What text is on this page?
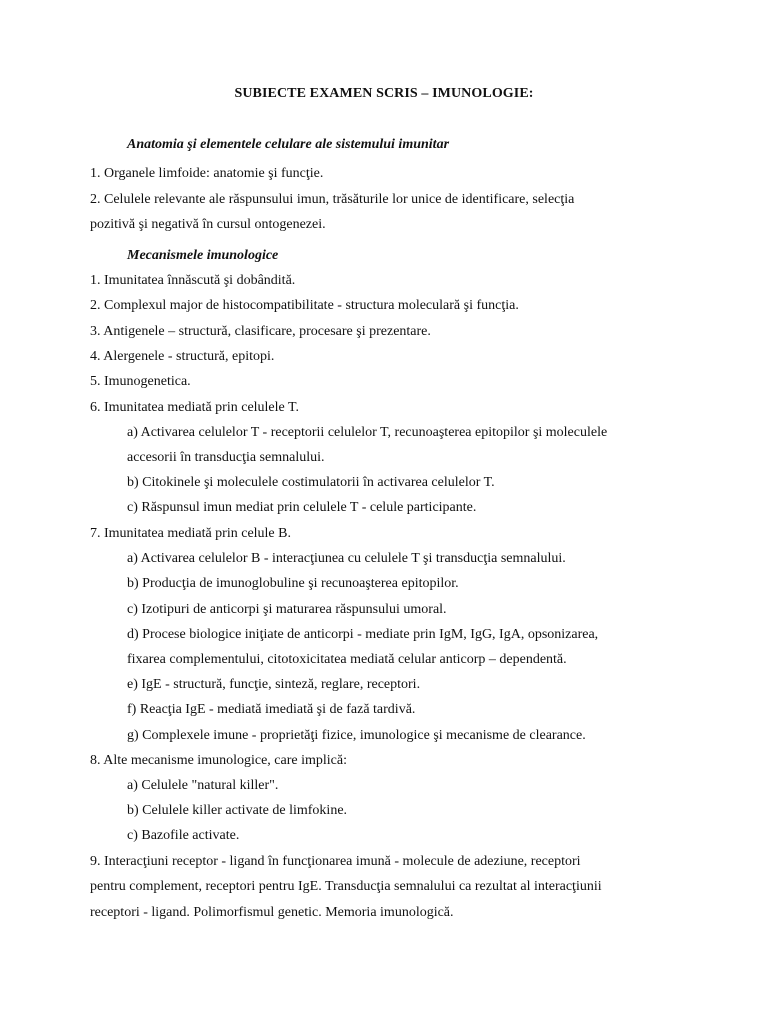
SUBIECTE EXAMEN SCRIS – IMUNOLOGIE:
Anatomia şi elementele celulare ale sistemului imunitar
1. Organele limfoide: anatomie şi funcţie.
2. Celulele relevante ale răspunsului imun, trăsăturile lor unice de identificare, selecţia
pozitivă şi negativă în cursul ontogenezei.
Mecanismele imunologice
1. Imunitatea înnăscută şi dobândită.
2. Complexul major de histocompatibilitate - structura moleculară şi funcţia.
3. Antigenele – structură, clasificare, procesare şi prezentare.
4. Alergenele - structură, epitopi.
5. Imunogenetica.
6. Imunitatea mediată prin celulele T.
a) Activarea celulelor T - receptorii celulelor T, recunoaşterea epitopilor şi moleculele
accesorii în transducţia semnalului.
b) Citokinele şi moleculele costimulatorii în activarea celulelor T.
c) Răspunsul imun mediat prin celulele T - celule participante.
7. Imunitatea mediată prin celule B.
a) Activarea celulelor B - interacţiunea cu celulele T şi transducţia semnalului.
b) Producţia de imunoglobuline şi recunoaşterea epitopilor.
c) Izotipuri de anticorpi şi maturarea răspunsului umoral.
d) Procese biologice iniţiate de anticorpi - mediate prin IgM, IgG, IgA, opsonizarea,
fixarea complementului, citotoxicitatea mediată celular anticorp – dependentă.
e) IgE - structură, funcţie, sinteză, reglare, receptori.
f) Reacţia IgE - mediată imediată şi de fază tardivă.
g) Complexele imune - proprietăţi fizice, imunologice şi mecanisme de clearance.
8. Alte mecanisme imunologice, care implică:
a) Celulele "natural killer".
b) Celulele killer activate de limfokine.
c) Bazofile activate.
9. Interacţiuni receptor - ligand în funcţionarea imună - molecule de adeziune, receptori
pentru complement, receptori pentru IgE. Transducţia semnalului ca rezultat al interacţiunii
receptori - ligand. Polimorfismul genetic. Memoria imunologică.
